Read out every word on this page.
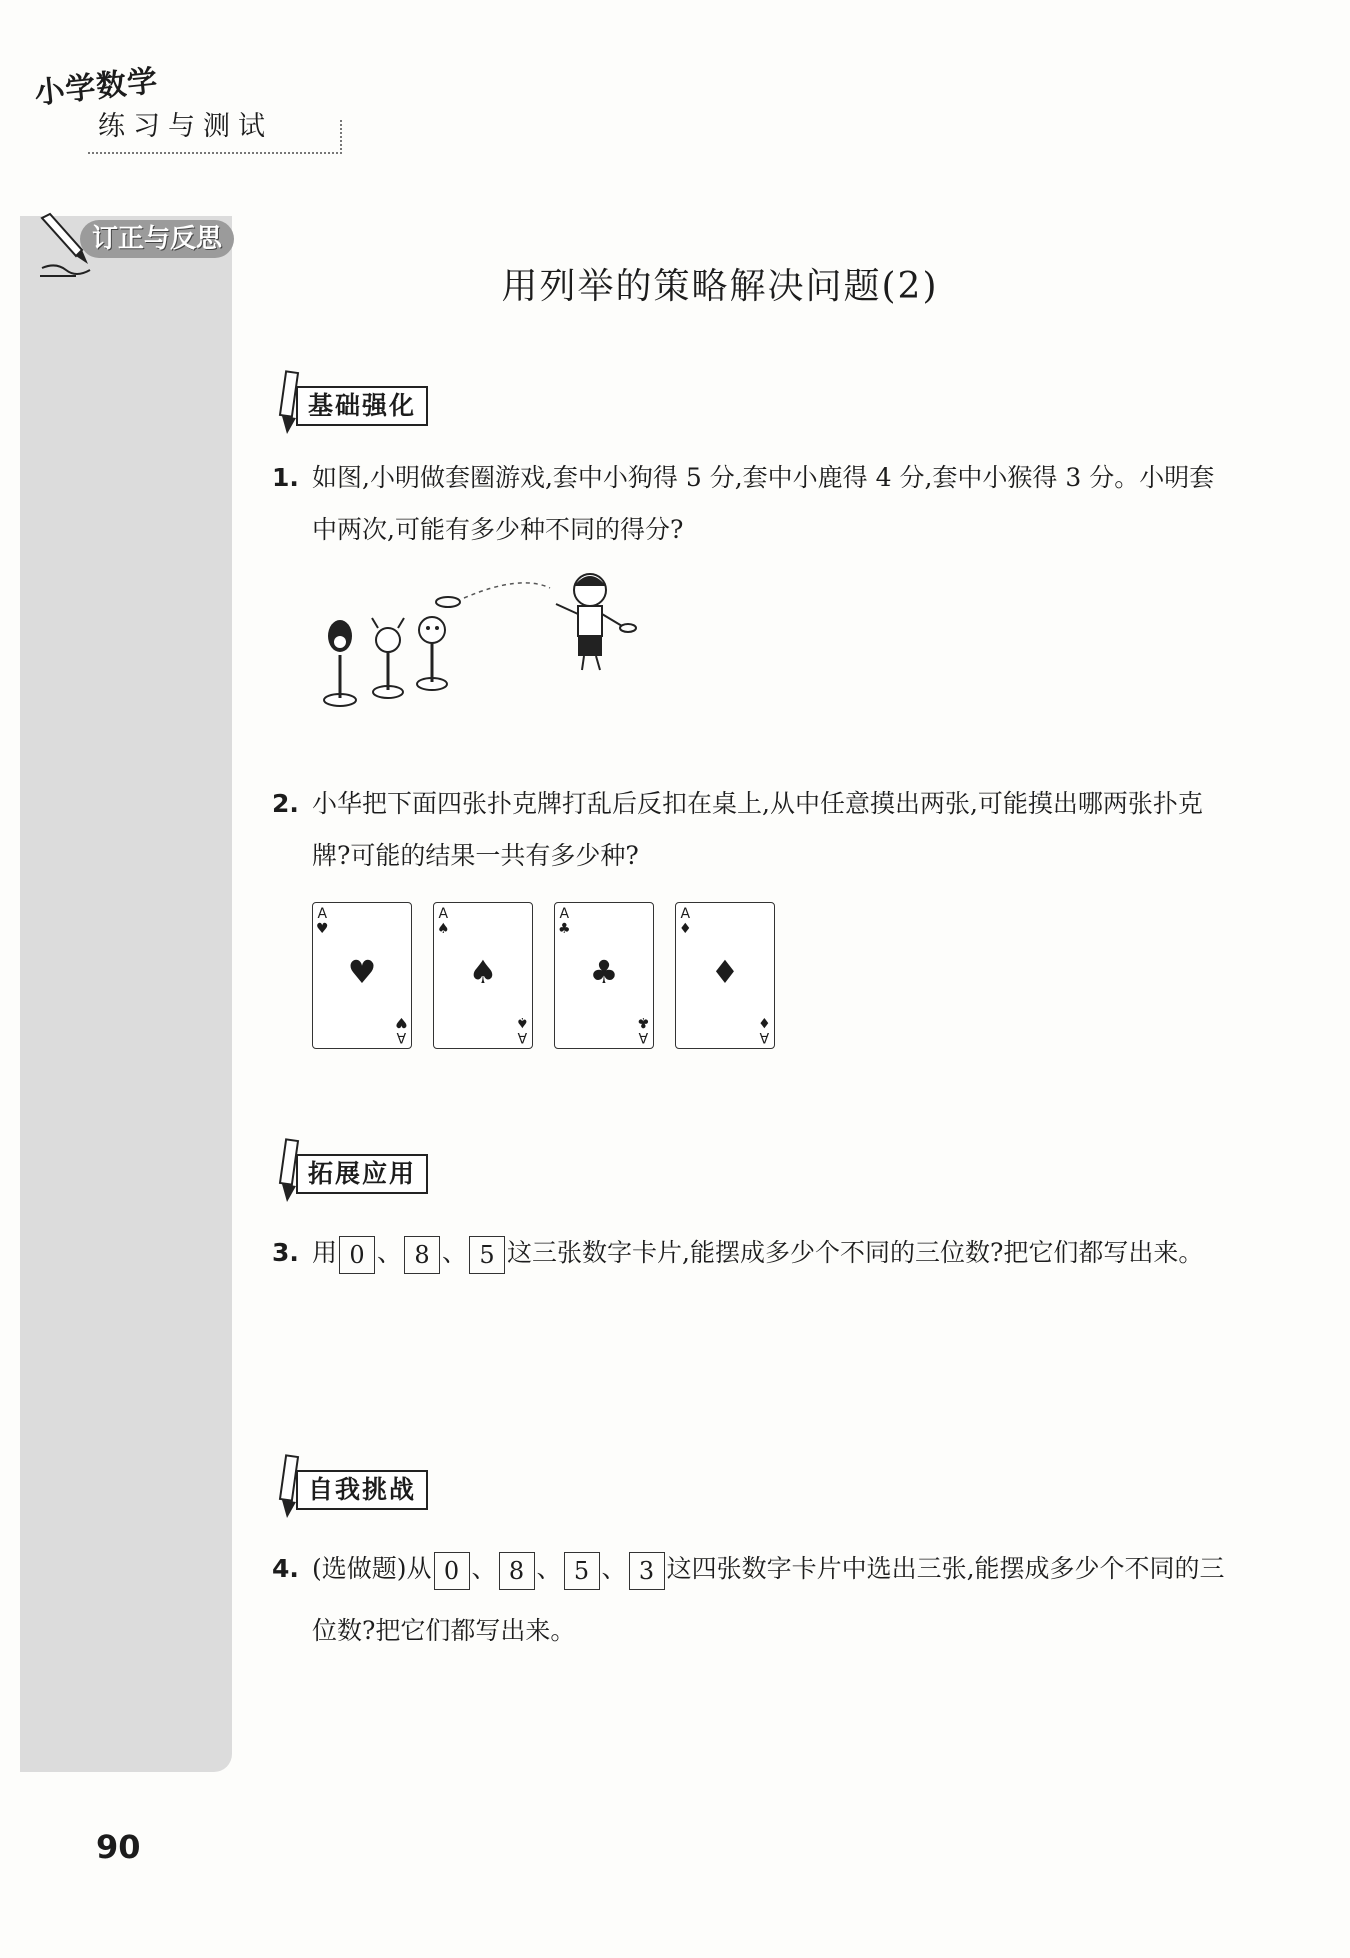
小学数学
练习与测试
订正与反思
用列举的策略解决问题(2)
基础强化
1. 如图,小明做套圈游戏,套中小狗得 5 分,套中小鹿得 4 分,套中小猴得 3 分。小明套中两次,可能有多少种不同的得分?
2. 小华把下面四张扑克牌打乱后反扣在桌上,从中任意摸出两张,可能摸出哪两张扑克牌?可能的结果一共有多少种?
A
♥
♥
A
♥
A
♠
♠
A
♠
A
♣
♣
A
♣
A
♦
♦
A
♦
拓展应用
3. 用 0 、 8 、 5 这三张数字卡片,能摆成多少个不同的三位数?把它们都写出来。
自我挑战
4. (选做题)从 0 、 8 、 5 、 3 这四张数字卡片中选出三张,能摆成多少个不同的三位数?把它们都写出来。
90
